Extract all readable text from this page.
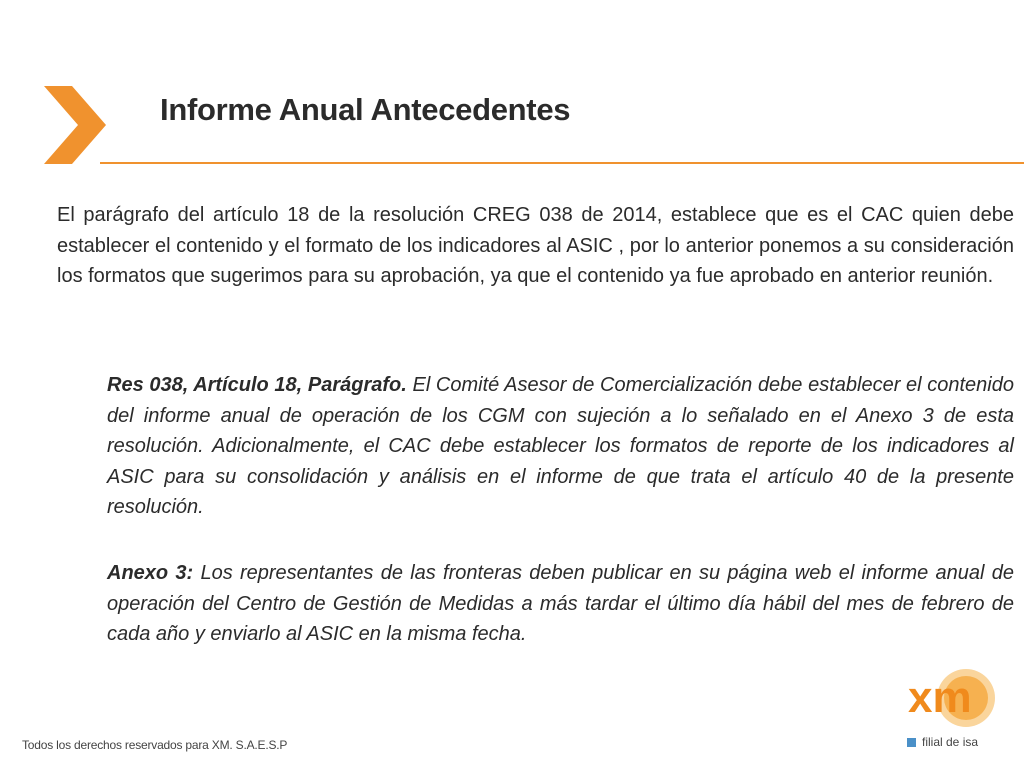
Informe Anual Antecedentes

El parágrafo del artículo 18 de la resolución CREG 038 de 2014, establece que es el CAC quien debe establecer el contenido y el formato de los indicadores al ASIC , por lo anterior ponemos a su consideración los formatos que sugerimos para su aprobación, ya que el contenido ya fue aprobado en anterior reunión.

Res 038, Artículo 18, Parágrafo. El Comité Asesor de Comercialización debe establecer el contenido del informe anual de operación de los CGM con sujeción a lo señalado en el Anexo 3 de esta resolución. Adicionalmente, el CAC debe establecer los formatos de reporte de los indicadores al ASIC para su consolidación y análisis en el informe de que trata el artículo 40 de la presente resolución.

Anexo 3: Los representantes de las fronteras deben publicar en su página web el informe anual de operación del Centro de Gestión de Medidas a más tardar el último día hábil del mes de febrero de cada año y enviarlo al ASIC en la misma fecha.

Todos los derechos reservados para XM. S.A.E.S.P
xm
filial de isa
